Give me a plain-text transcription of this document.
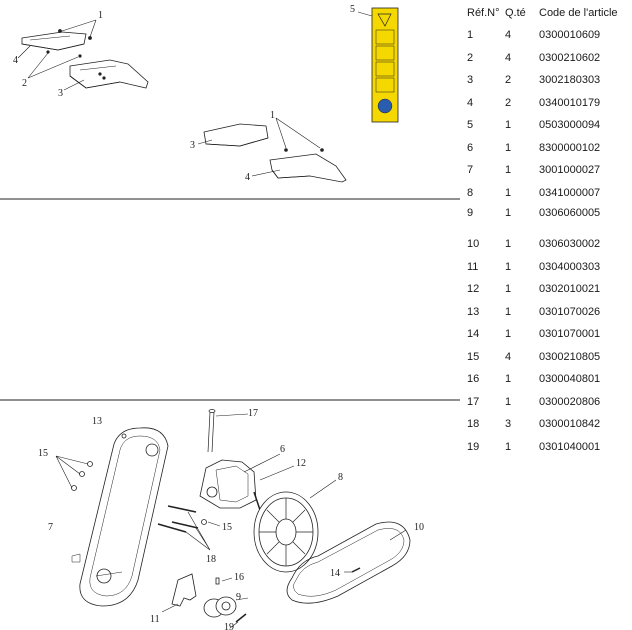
1
4
2
3
5
1
3
4
13
17
15	6
12
8
7	15
18
10
14
16
9
11
19
Réf.N° Q.té	Code de l'article
1	4	0300010609
2	4	0300210602
3	2	3002180303
4	2	0340010179
5	1	0503000094
6	1	8300000102
7	1	3001000027
8	1	0341000007
9	1	0306060005
10	1	0306030002
11	1	0304000303
12	1	0302010021
13	1	0301070026
14	1	0301070001
15	4	0300210805
16	1	0300040801
17	1	0300020806
18	3	0300010842
19	1	0301040001
